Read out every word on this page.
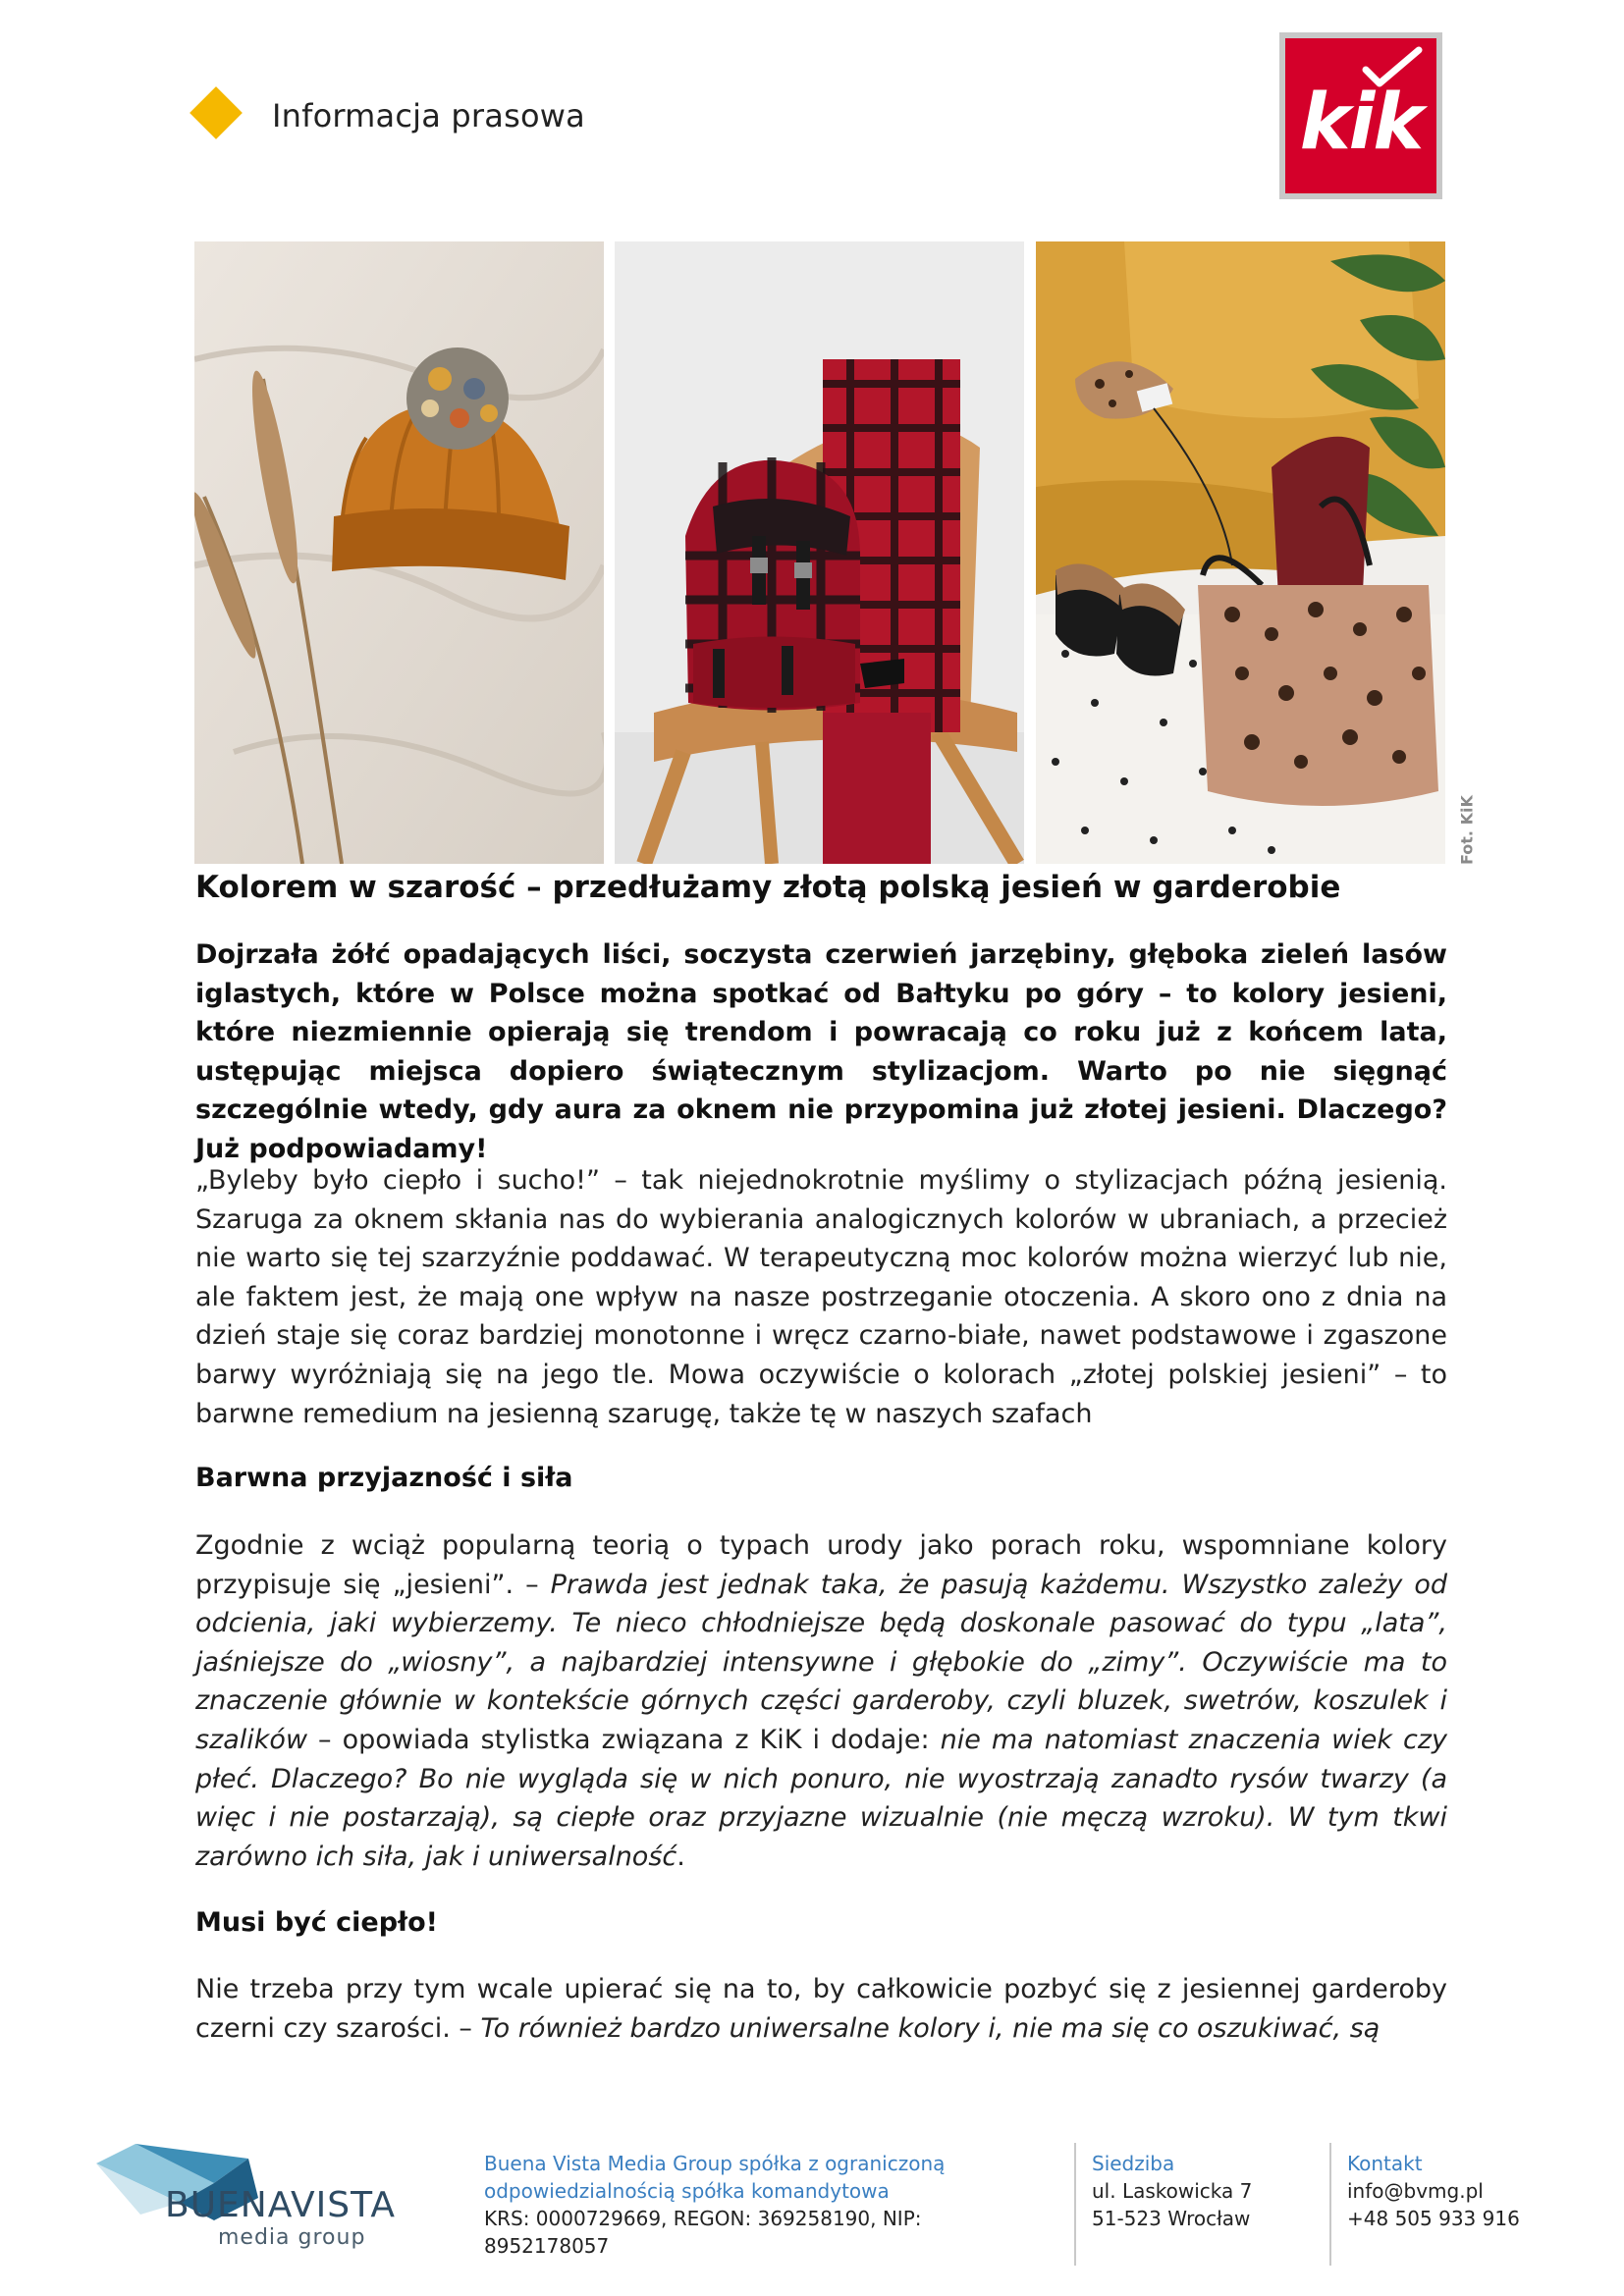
Informacja prasowa	kik
Fot. KiK
Kolorem w szarość – przedłużamy złotą polską jesień w garderobie

Dojrzała żółć opadających liści, soczysta czerwień jarzębiny, głęboka zieleń lasów iglastych, które w Polsce można spotkać od Bałtyku po góry – to kolory jesieni, które niezmiennie opierają się trendom i powracają co roku już z końcem lata, ustępując miejsca dopiero świątecznym stylizacjom. Warto po nie sięgnąć szczególnie wtedy, gdy aura za oknem nie przypomina już złotej jesieni. Dlaczego? Już podpowiadamy!

„Byleby było ciepło i sucho!” – tak niejednokrotnie myślimy o stylizacjach późną jesienią. Szaruga za oknem skłania nas do wybierania analogicznych kolorów w ubraniach, a przecież nie warto się tej szarzyźnie poddawać. W terapeutyczną moc kolorów można wierzyć lub nie, ale faktem jest, że mają one wpływ na nasze postrzeganie otoczenia. A skoro ono z dnia na dzień staje się coraz bardziej monotonne i wręcz czarno-białe, nawet podstawowe i zgaszone barwy wyróżniają się na jego tle. Mowa oczywiście o kolorach „złotej polskiej jesieni” – to barwne remedium na jesienną szarugę, także tę w naszych szafach

Barwna przyjazność i siła

Zgodnie z wciąż popularną teorią o typach urody jako porach roku, wspomniane kolory przypisuje się „jesieni”. – Prawda jest jednak taka, że pasują każdemu. Wszystko zależy od odcienia, jaki wybierzemy. Te nieco chłodniejsze będą doskonale pasować do typu „lata”, jaśniejsze do „wiosny”, a najbardziej intensywne i głębokie do „zimy”. Oczywiście ma to znaczenie głównie w kontekście górnych części garderoby, czyli bluzek, swetrów, koszulek i szalików – opowiada stylistka związana z KiK i dodaje: nie ma natomiast znaczenia wiek czy płeć. Dlaczego? Bo nie wygląda się w nich ponuro, nie wyostrzają zanadto rysów twarzy (a więc i nie postarzają), są ciepłe oraz przyjazne wizualnie (nie męczą wzroku). W tym tkwi zarówno ich siła, jak i uniwersalność.

Musi być ciepło!

Nie trzeba przy tym wcale upierać się na to, by całkowicie pozbyć się z jesiennej garderoby czerni czy szarości. – To również bardzo uniwersalne kolory i, nie ma się co oszukiwać, są

BUENAVISTA
media group
Buena Vista Media Group spółka z ograniczoną
odpowiedzialnością spółka komandytowa
KRS: 0000729669, REGON: 369258190, NIP: 8952178057
Siedziba
ul. Laskowicka 7
51-523 Wrocław
Kontakt
info@bvmg.pl
+48 505 933 916
